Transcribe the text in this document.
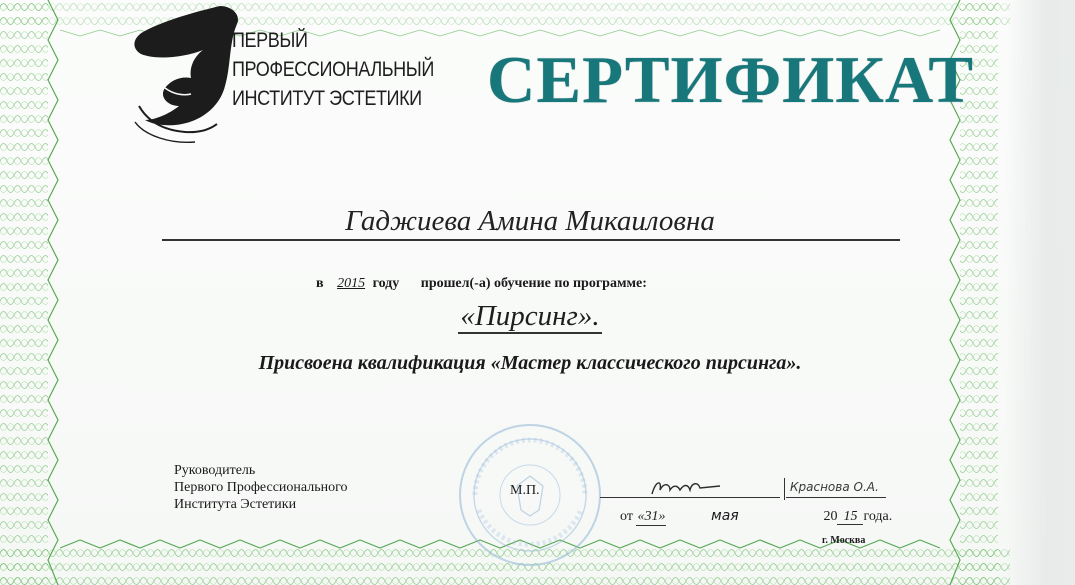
ПЕРВЫЙ
ПРОФЕССИОНАЛЬНЫЙ
ИНСТИТУТ ЭСТЕТИКИ СЕРТИФИКАТ
Гаджиева Амина Микаиловна
в 2015 году прошел(-а) обучение по программе:
«Пирсинг».
Присвоена квалификация «Мастер классического пирсинга».
Руководитель
Первого Профессионального
Института Эстетики
М.П.	Краснова О.А.
от «31»	мая	20 15 года.
г. Москва
